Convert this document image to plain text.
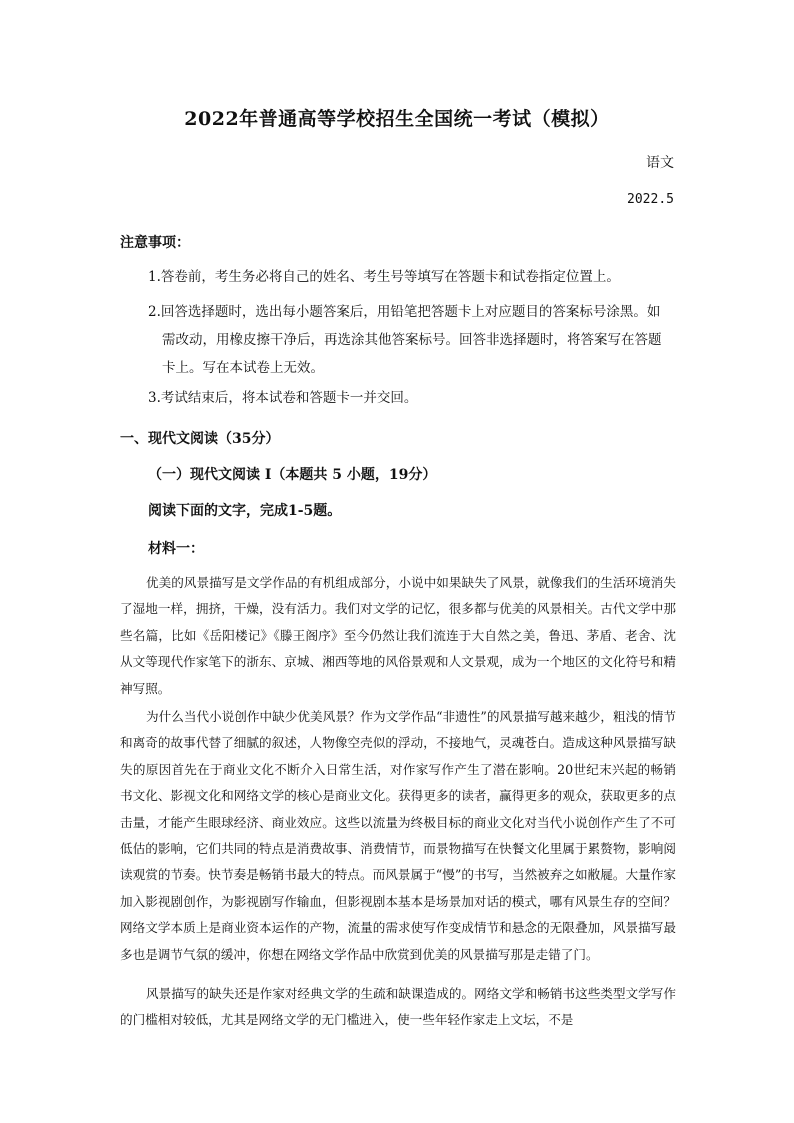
2022年普通高等学校招生全国统一考试（模拟）
语文
2022.5
注意事项：
1.答卷前，考生务必将自己的姓名、考生号等填写在答题卡和试卷指定位置上。
2.回答选择题时，选出每小题答案后，用铅笔把答题卡上对应题目的答案标号涂黑。如
需改动，用橡皮擦干净后，再选涂其他答案标号。回答非选择题时，将答案写在答题
卡上。写在本试卷上无效。
3.考试结束后，将本试卷和答题卡一并交回。
一、现代文阅读（35分）
（一）现代文阅读 I（本题共 5 小题，19分）
阅读下面的文字，完成1-5题。
材料一：
优美的风景描写是文学作品的有机组成部分，小说中如果缺失了风景，就像我们的生活环境消失了湿地一样，拥挤，干燥，没有活力。我们对文学的记忆，很多都与优美的风景相关。古代文学中那些名篇，比如《岳阳楼记》《滕王阁序》至今仍然让我们流连于大自然之美，鲁迅、茅盾、老舍、沈从文等现代作家笔下的浙东、京城、湘西等地的风俗景观和人文景观，成为一个地区的文化符号和精神写照。
为什么当代小说创作中缺少优美风景？作为文学作品“非遗性”的风景描写越来越少，粗浅的情节和离奇的故事代替了细腻的叙述，人物像空壳似的浮动，不接地气，灵魂苍白。造成这种风景描写缺失的原因首先在于商业文化不断介入日常生活，对作家写作产生了潜在影响。20世纪末兴起的畅销书文化、影视文化和网络文学的核心是商业文化。获得更多的读者，赢得更多的观众，获取更多的点击量，才能产生眼球经济、商业效应。这些以流量为终极目标的商业文化对当代小说创作产生了不可低估的影响，它们共同的特点是消费故事、消费情节，而景物描写在快餐文化里属于累赘物，影响阅读观赏的节奏。快节奏是畅销书最大的特点。而风景属于“慢”的书写，当然被弃之如敝屣。大量作家加入影视剧创作，为影视剧写作输血，但影视剧本基本是场景加对话的模式，哪有风景生存的空间？网络文学本质上是商业资本运作的产物，流量的需求使写作变成情节和悬念的无限叠加，风景描写最多也是调节气氛的缓冲，你想在网络文学作品中欣赏到优美的风景描写那是走错了门。
风景描写的缺失还是作家对经典文学的生疏和缺课造成的。网络文学和畅销书这些类型文学写作的门槛相对较低，尤其是网络文学的无门槛进入，使一些年轻作家走上文坛，不是
